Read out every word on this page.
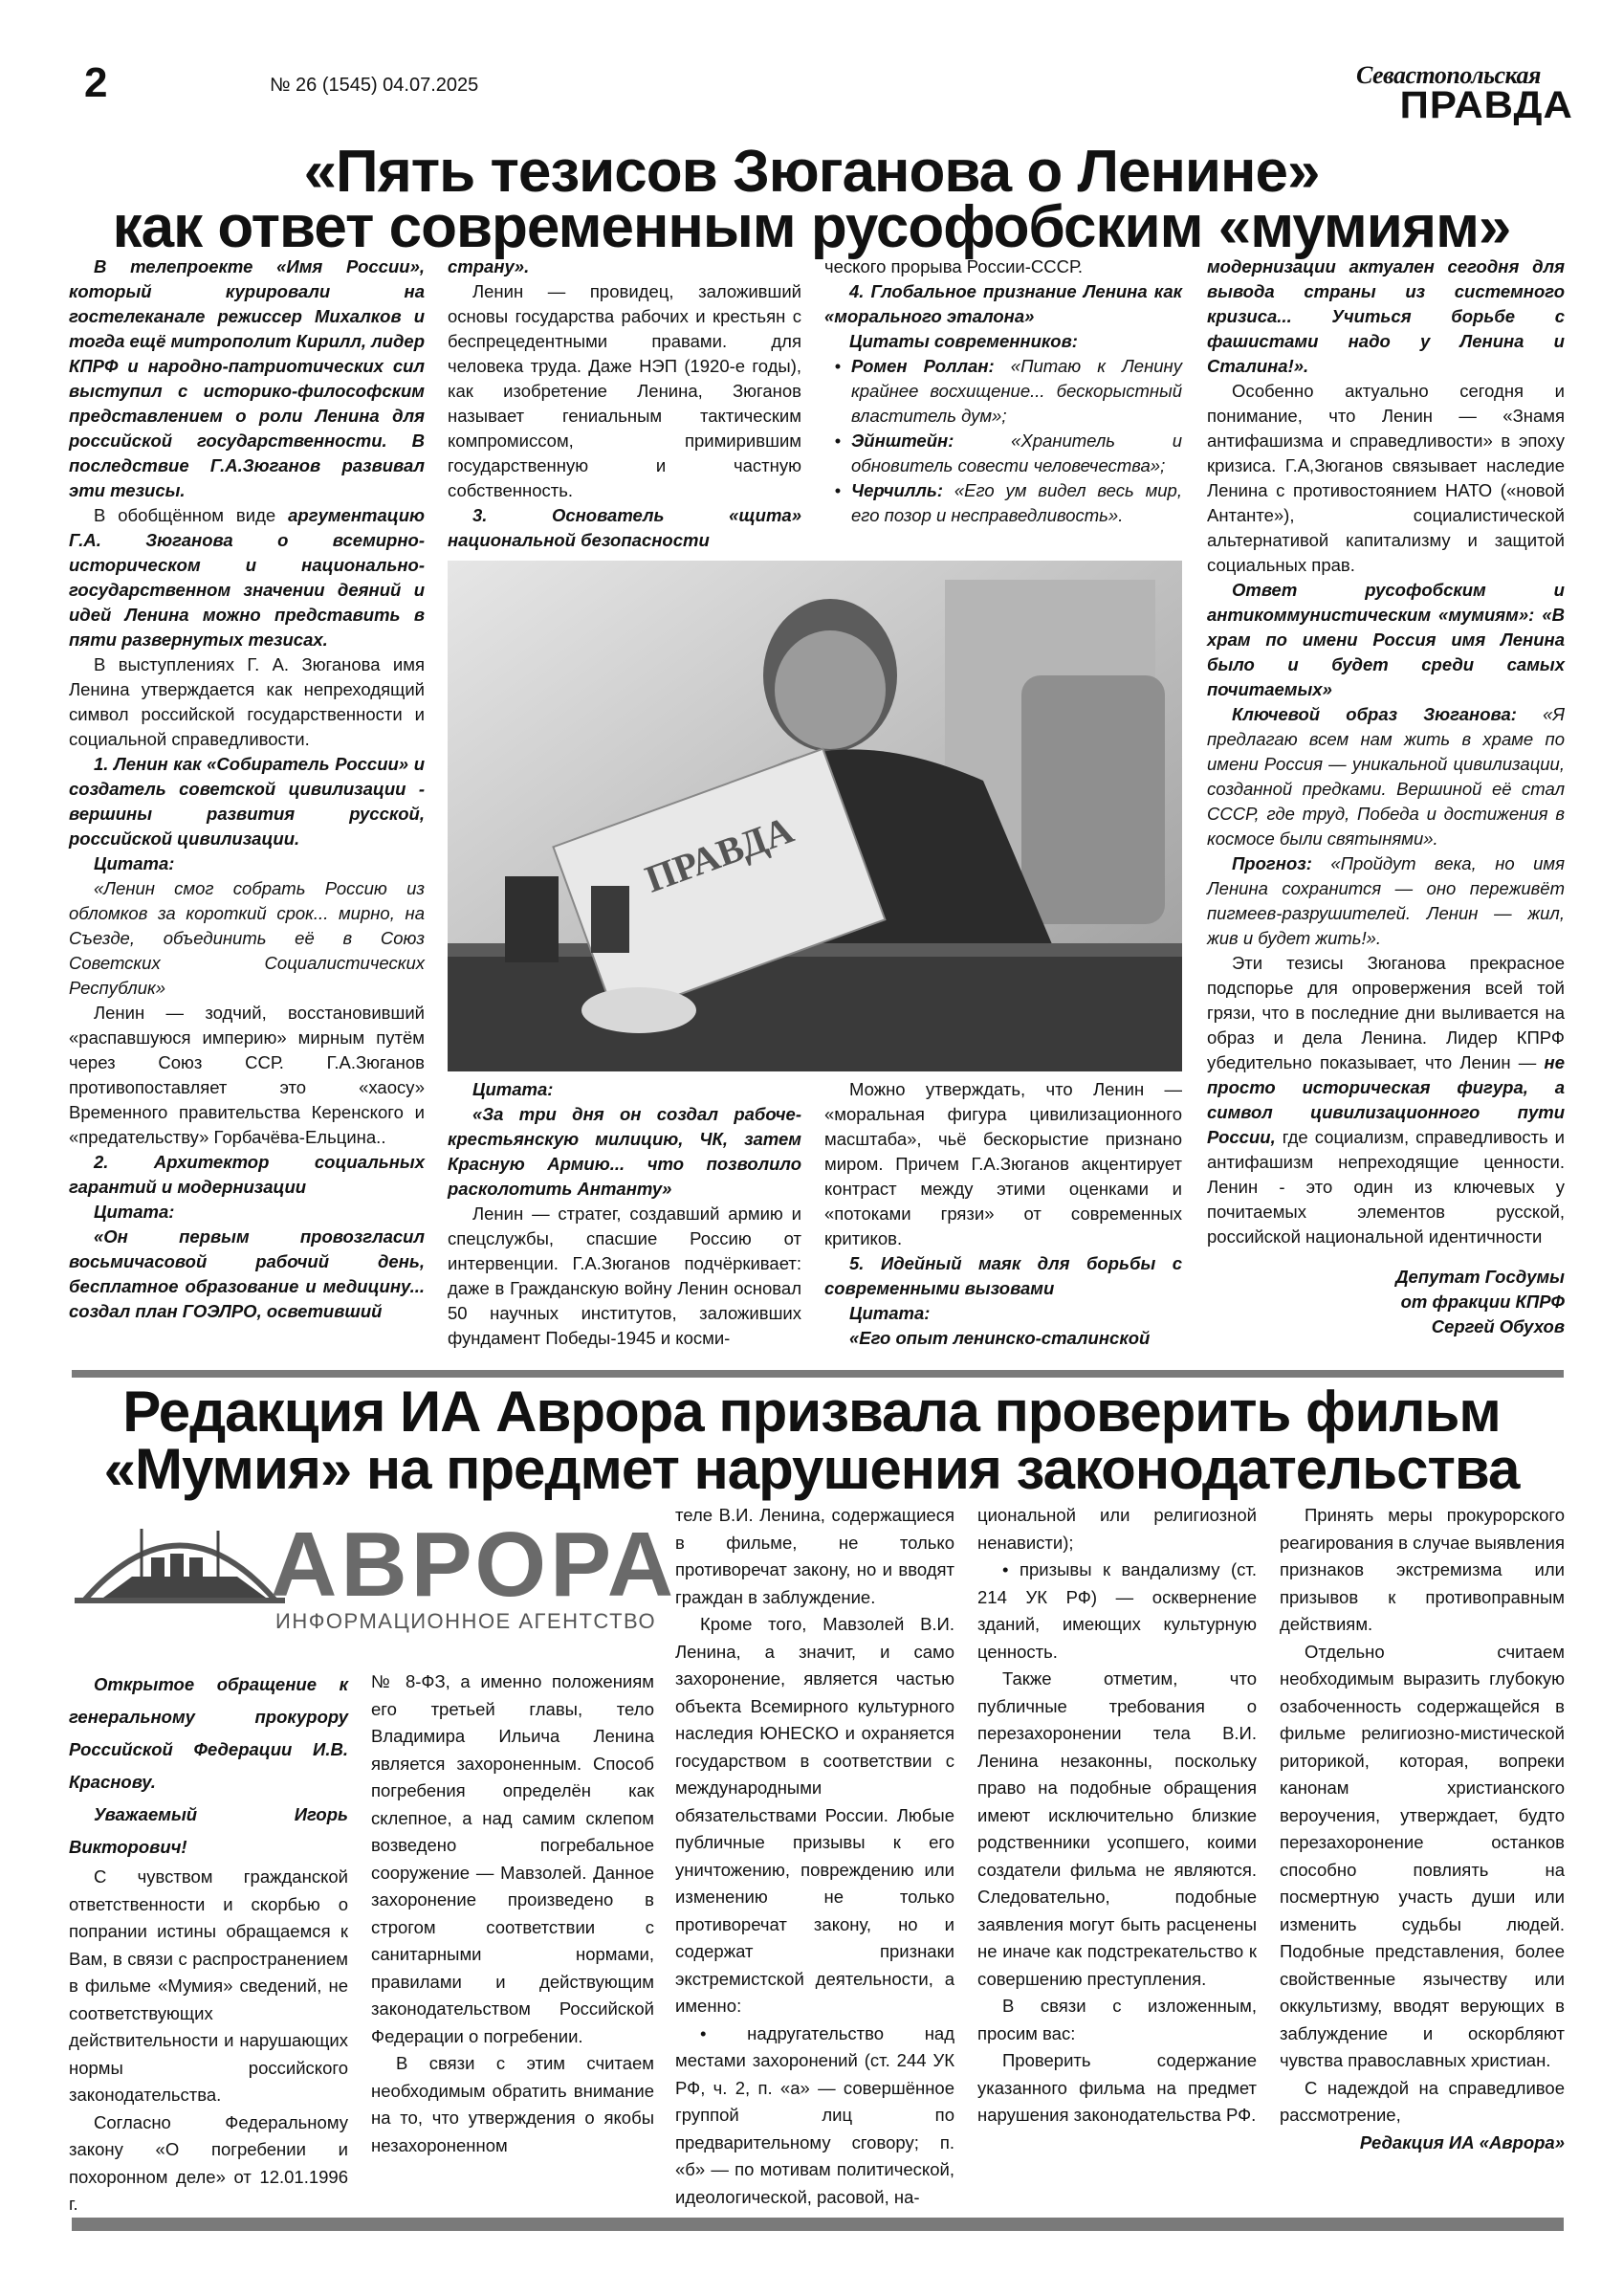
2	№ 26 (1545) 04.07.2025	Севастопольская
ПРАВДА
«Пять тезисов Зюганова о Ленине»
как ответ современным русофобским «мумиям»

В телепроекте «Имя России», который курировали на гостелеканале режиссер Михалков и тогда ещё митрополит Кирилл, лидер КПРФ и народно-патриотических сил выступил с историко-философским представлением о роли Ленина для российской государственности. В последствие Г.А.Зюганов развивал эти тезисы.

В обобщённом виде аргументацию Г.А. Зюганова о всемирно-историческом и национально-государственном значении деяний и идей Ленина можно представить в пяти развернутых тезисах.

В выступлениях Г. А. Зюганова имя Ленина утверждается как непреходящий символ российской государственности и социальной справедливости.

1. Ленин как «Собиратель России» и создатель советской цивилизации - вершины развития русской, российской цивилизации.

Цитата:

«Ленин смог собрать Россию из обломков за короткий срок... мирно, на Съезде, объединить её в Союз Советских Социалистических Республик»

Ленин — зодчий, восстановивший «распавшуюся империю» мирным путём через Союз ССР. Г.А.Зюганов противопоставляет это «хаосу» Временного правительства Керенского и «предательству» Горбачёва-Ельцина..

2. Архитектор социальных гарантий и модернизации

Цитата:

«Он первым провозгласил восьмичасовой рабочий день, бесплатное образование и медицину... создал план ГОЭЛРО, осветивший

страну».

Ленин — провидец, заложивший основы государства рабочих и крестьян с беспрецедентными правами. для человека труда. Даже НЭП (1920-е годы), как изобретение Ленина, Зюганов называет гениальным тактическим компромиссом, примирившим государственную и частную собственность.

3. Основатель «щита» национальной безопасности

ческого прорыва России-СССР.

4. Глобальное признание Ленина как «морального эталона»

Цитаты современников:

• Ромен Роллан: «Питаю к Ленину крайнее восхищение... бескорыстный властитель дум»;
• Эйнштейн:	«Хранитель и обновитель совести человечества»;
• Черчилль: «Его ум видел весь мир, его позор и несправедливость».
ПРАВДА

Цитата:

«За три дня он создал рабоче-крестьянскую милицию, ЧК, затем Красную Армию... что позволило расколотить Антанту»

Ленин — стратег, создавший армию и спецслужбы, спасшие Россию от интервенции. Г.А.Зюганов подчёркивает: даже в Гражданскую войну Ленин основал 50 научных институтов, заложивших фундамент Победы-1945 и косми-

Можно утверждать, что Ленин — «моральная фигура цивилизационного масштаба», чьё бескорыстие признано миром. Причем Г.А.Зюганов акцентирует контраст между этими оценками и «потоками грязи» от современных критиков.

5. Идейный маяк для борьбы с современными вызовами

Цитата:

«Его опыт ленинско-сталинской

модернизации актуален сегодня для вывода страны из системного кризиса... Учиться борьбе с фашистами надо у Ленина и Сталина!».

Особенно актуально сегодня и понимание, что Ленин — «Знамя антифашизма и справедливости» в эпоху кризиса. Г.А,Зюганов связывает наследие Ленина с противостоянием НАТО («новой Антанте»), социалистической альтернативой капитализму и защитой социальных прав.

Ответ русофобским и антикоммунистическим «мумиям»: «В храм по имени Россия имя Ленина было и будет среди самых почитаемых»

Ключевой образ Зюганова: «Я предлагаю всем нам жить в храме по имени Россия — уникальной цивилизации, созданной предками. Вершиной её стал СССР, где труд, Победа и достижения в космосе были святынями».

Прогноз: «Пройдут века, но имя Ленина сохранится — оно переживёт пигмеев-разрушителей. Ленин — жил, жив и будет жить!».

Эти тезисы Зюганова прекрасное подспорье для опровержения всей той грязи, что в последние дни выливается на образ и дела Ленина. Лидер КПРФ убедительно показывает, что Ленин — не просто историческая фигура, а символ цивилизационного пути России, где социализм, справедливость и антифашизм непреходящие ценности. Ленин - это один из ключевых у почитаемых элементов русской, российской национальной идентичности

Депутат Госдумы

от фракции КПРФ

Сергей Обухов

Редакция ИА Аврора призвала проверить фильм
«Мумия» на предмет нарушения законодательства
АВРОРА
ИНФОРМАЦИОННОЕ АГЕНТСТВО

Открытое обращение к генеральному прокурору Российской Федерации И.В. Краснову.

Уважаемый Игорь Викторович!

С чувством гражданской ответственности и скорбью о попрании истины обращаемся к Вам, в связи с распространением в фильме «Мумия» сведений, не соответствующих действительности и нарушающих нормы российского законодательства.

Согласно Федеральному закону «О погребении и похоронном деле» от 12.01.1996 г.

№ 8-ФЗ, а именно положениям его третьей главы, тело Владимира Ильича Ленина является захороненным. Способ погребения определён как склепное, а над самим склепом возведено погребальное сооружение — Мавзолей. Данное захоронение произведено в строгом соответствии с санитарными нормами, правилами и действующим законодательством Российской Федерации о погребении.

В связи с этим считаем необходимым обратить внимание на то, что утверждения о якобы незахороненном

теле В.И. Ленина, содержащиеся в фильме, не только противоречат закону, но и вводят граждан в заблуждение.

Кроме того, Мавзолей В.И. Ленина, а значит, и само захоронение, является частью объекта Всемирного культурного наследия ЮНЕСКО и охраняется государством в соответствии с международными обязательствами России. Любые публичные призывы к его уничтожению, повреждению или изменению не только противоречат закону, но и содержат признаки экстремистской деятельности, а именно:

• надругательство над местами захоронений (ст. 244 УК РФ, ч. 2, п. «а» — совершённое группой лиц по предварительному сговору; п. «б» — по мотивам политической, идеологической, расовой, на-

циональной или религиозной ненависти);

• призывы к вандализму (ст. 214 УК РФ) — осквернение зданий, имеющих культурную ценность.

Также отметим, что публичные требования о перезахоронении тела В.И. Ленина незаконны, поскольку право на подобные обращения имеют исключительно близкие родственники усопшего, коими создатели фильма не являются. Следовательно, подобные заявления могут быть расценены не иначе как подстрекательство к совершению преступления.

В связи с изложенным, просим вас:

Проверить содержание указанного фильма на предмет нарушения законодательства РФ.

Принять меры прокурорского реагирования в случае выявления признаков экстремизма или призывов к противоправным действиям.

Отдельно считаем необходимым выразить глубокую озабоченность содержащейся в фильме религиозно-мистической риторикой, которая, вопреки канонам христианского вероучения, утверждает, будто перезахоронение останков способно повлиять на посмертную участь души или изменить судьбы людей. Подобные представления, более свойственные язычеству или оккультизму, вводят верующих в заблуждение и оскорбляют чувства православных христиан.

С надеждой на справедливое рассмотрение,

Редакция ИА «Аврора»
